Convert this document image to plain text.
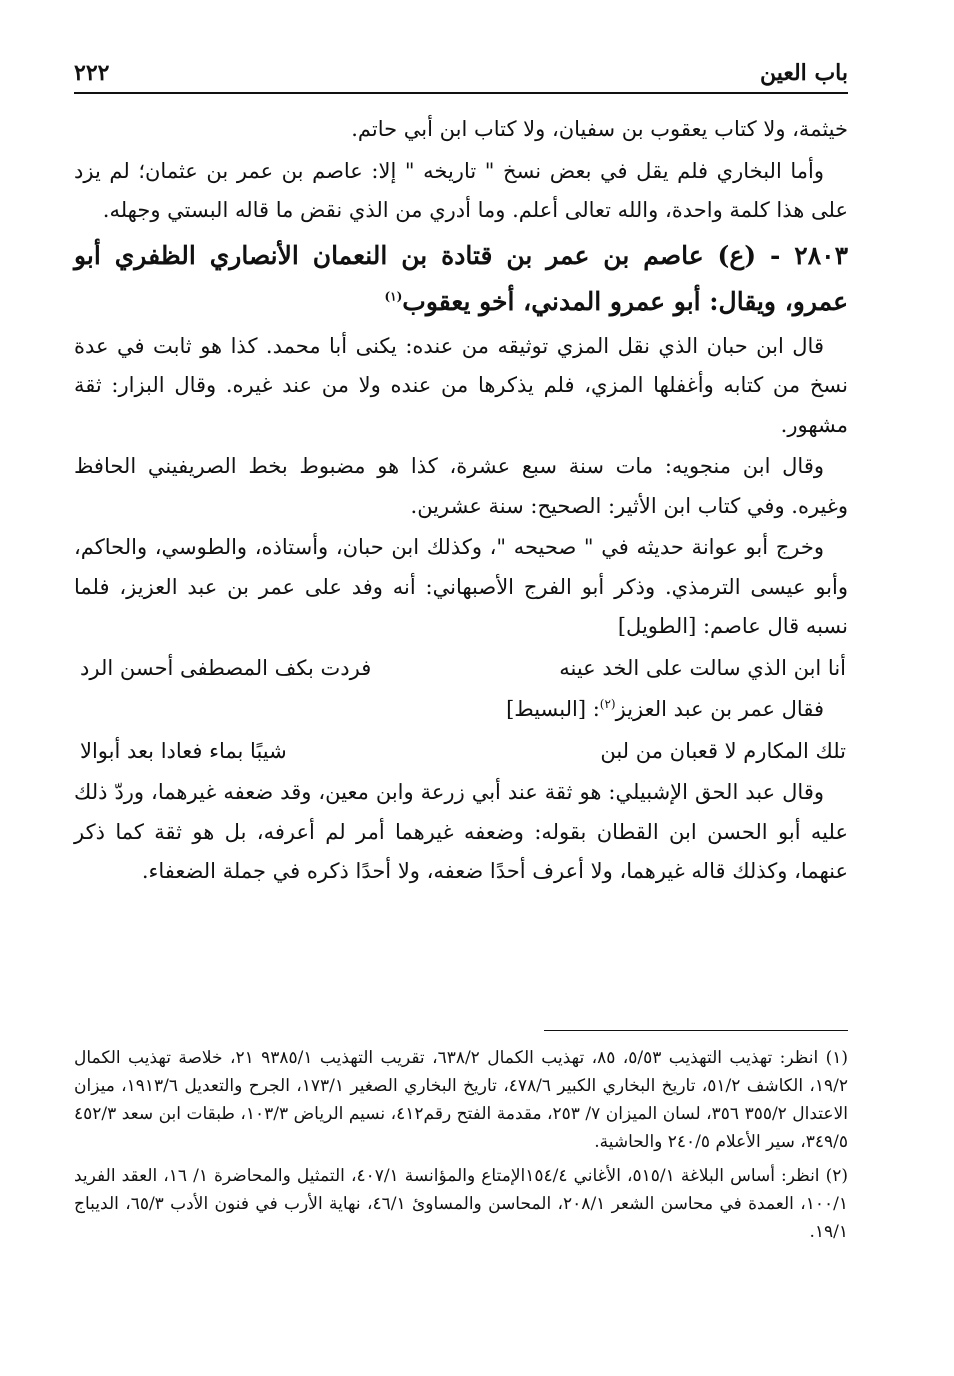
باب العين
٢٢٢

خيثمة، ولا كتاب يعقوب بن سفيان، ولا كتاب ابن أبي حاتم.

وأما البخاري فلم يقل في بعض نسخ " تاريخه " إلا: عاصم بن عمر بن عثمان؛ لم يزد على هذا كلمة واحدة، والله تعالى أعلم. وما أدري من الذي نقض ما قاله البستي وجهله.

٢٨٠٣ - (ع) عاصم بن عمر بن قتادة بن النعمان الأنصاري الظفري أبو عمرو، ويقال: أبو عمرو المدني، أخو يعقوب$^{(١)}$

قال ابن حبان الذي نقل المزي توثيقه من عنده: يكنى أبا محمد. كذا هو ثابت في عدة نسخ من كتابه وأغفلها المزي، فلم يذكرها من عنده ولا من عند غيره. وقال البزار: ثقة مشهور.

وقال ابن منجويه: مات سنة سبع عشرة، كذا هو مضبوط بخط الصريفيني الحافظ وغيره. وفي كتاب ابن الأثير: الصحيح: سنة عشرين.

وخرج أبو عوانة حديثه في " صحيحه "، وكذلك ابن حبان، وأستاذه، والطوسي، والحاكم، وأبو عيسى الترمذي. وذكر أبو الفرج الأصبهاني: أنه وفد على عمر بن عبد العزيز، فلما نسبه قال عاصم: [الطويل]

أنا ابن الذي سالت على الخد عينه
فردت بكف المصطفى أحسن الرد

فقال عمر بن عبد العزيز$^{(٢)}$: [البسيط]

تلك المكارم لا قعبان من لبن
شيبًا بماء فعادا بعد أبوالا

وقال عبد الحق الإشبيلي: هو ثقة عند أبي زرعة وابن معين، وقد ضعفه غيرهما، وردّ ذلك عليه أبو الحسن ابن القطان بقوله: وضعفه غيرهما أمر لم أعرفه، بل هو ثقة كما ذكر عنهما، وكذلك قاله غيرهما، ولا أعرف أحدًا ضعفه، ولا أحدًا ذكره في جملة الضعفاء.

(١) انظر: تهذيب التهذيب ٥/٥٣، ٨٥، تهذيب الكمال ٦٣٨/٢، تقريب التهذيب ٩٣٨٥/١ ٢١، خلاصة تهذيب الكمال ١٩/٢، الكاشف ٥١/٢، تاريخ البخاري الكبير ٤٧٨/٦، تاريخ البخاري الصغير ١٧٣/١، الجرح والتعديل ١٩١٣/٦، ميزان الاعتدال ٣٥٥/٢ ٣٥٦، لسان الميزان ٧/ ٢٥٣، مقدمة الفتح رقم٤١٢، نسيم الرياض ١٠٣/٣، طبقات ابن سعد ٤٥٢/٣ ٣٤٩/٥، سير الأعلام ٢٤٠/٥ والحاشية.

(٢) انظر: أساس البلاغة ٥١٥/١، الأغاني ١٥٤/٤الإمتاع والمؤانسة ٤٠٧/١، التمثيل والمحاضرة ١/ ١٦، العقد الفريد ١٠٠/١، العمدة في محاسن الشعر ٢٠٨/١، المحاسن والمساوئ ٤٦/١، نهاية الأرب في فنون الأدب ٦٥/٣، الديباج ١٩/١.
